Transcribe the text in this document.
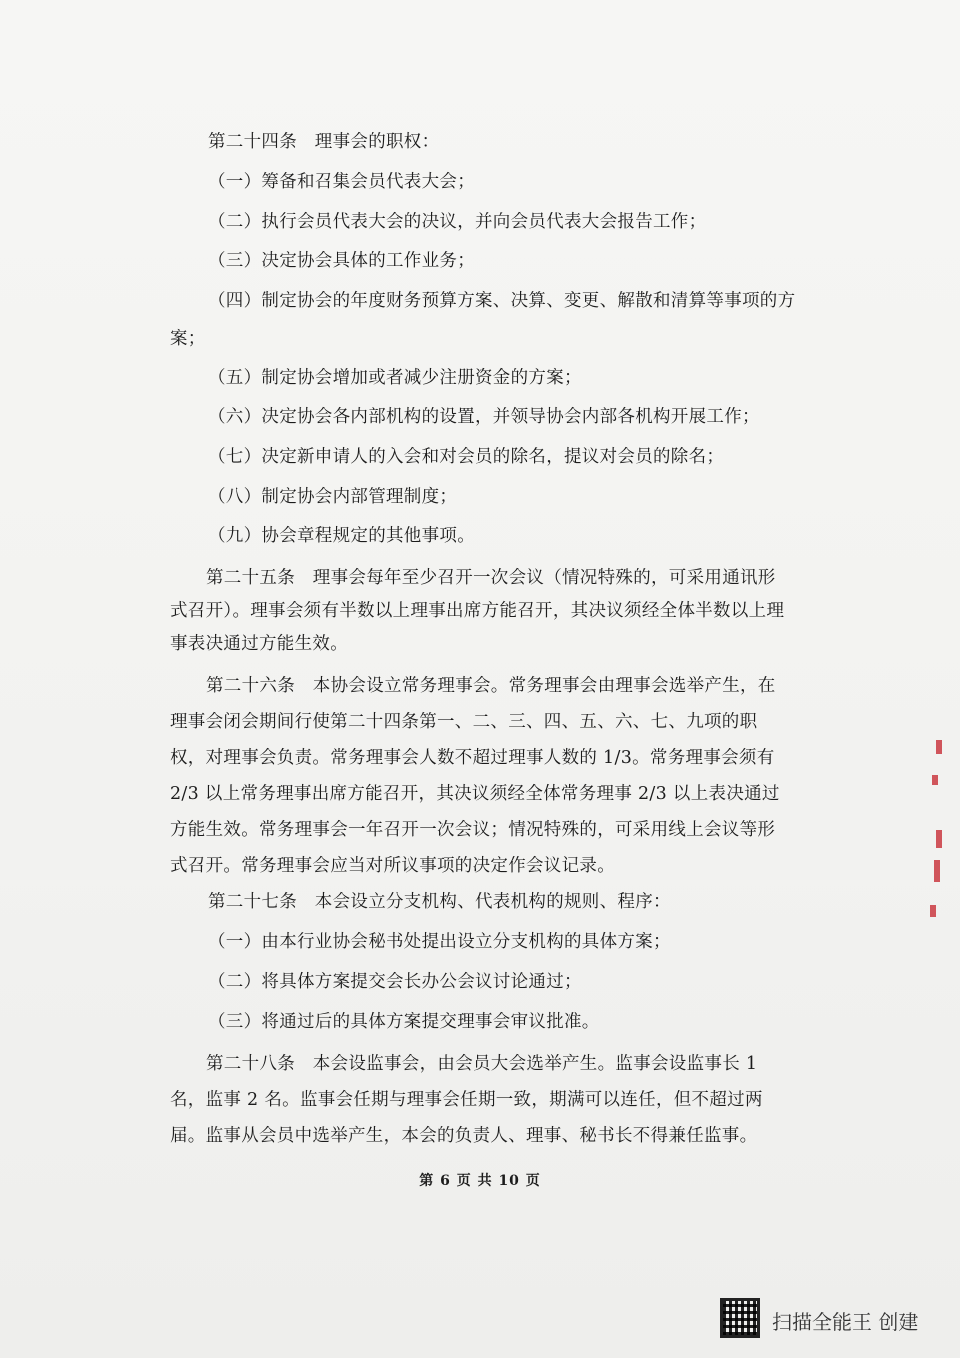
第二十四条　理事会的职权：

（一）筹备和召集会员代表大会；

（二）执行会员代表大会的决议，并向会员代表大会报告工作；

（三）决定协会具体的工作业务；

（四）制定协会的年度财务预算方案、决算、变更、解散和清算等事项的方

案；

（五）制定协会增加或者减少注册资金的方案；

（六）决定协会各内部机构的设置，并领导协会内部各机构开展工作；

（七）决定新申请人的入会和对会员的除名，提议对会员的除名；

（八）制定协会内部管理制度；

（九）协会章程规定的其他事项。

第二十五条　理事会每年至少召开一次会议（情况特殊的，可采用通讯形式召开）。理事会须有半数以上理事出席方能召开，其决议须经全体半数以上理事表决通过方能生效。

第二十六条　本协会设立常务理事会。常务理事会由理事会选举产生，在理事会闭会期间行使第二十四条第一、二、三、四、五、六、七、九项的职权，对理事会负责。常务理事会人数不超过理事人数的 1/3。常务理事会须有 2/3 以上常务理事出席方能召开，其决议须经全体常务理事 2/3 以上表决通过方能生效。常务理事会一年召开一次会议；情况特殊的，可采用线上会议等形式召开。常务理事会应当对所议事项的决定作会议记录。

第二十七条　本会设立分支机构、代表机构的规则、程序：

（一）由本行业协会秘书处提出设立分支机构的具体方案；

（二）将具体方案提交会长办公会议讨论通过；

（三）将通过后的具体方案提交理事会审议批准。

第二十八条　本会设监事会，由会员大会选举产生。监事会设监事长 1 名，监事 2 名。监事会任期与理事会任期一致，期满可以连任，但不超过两届。监事从会员中选举产生，本会的负责人、理事、秘书长不得兼任监事。

第 6 页 共 10 页
扫描全能王 创建
